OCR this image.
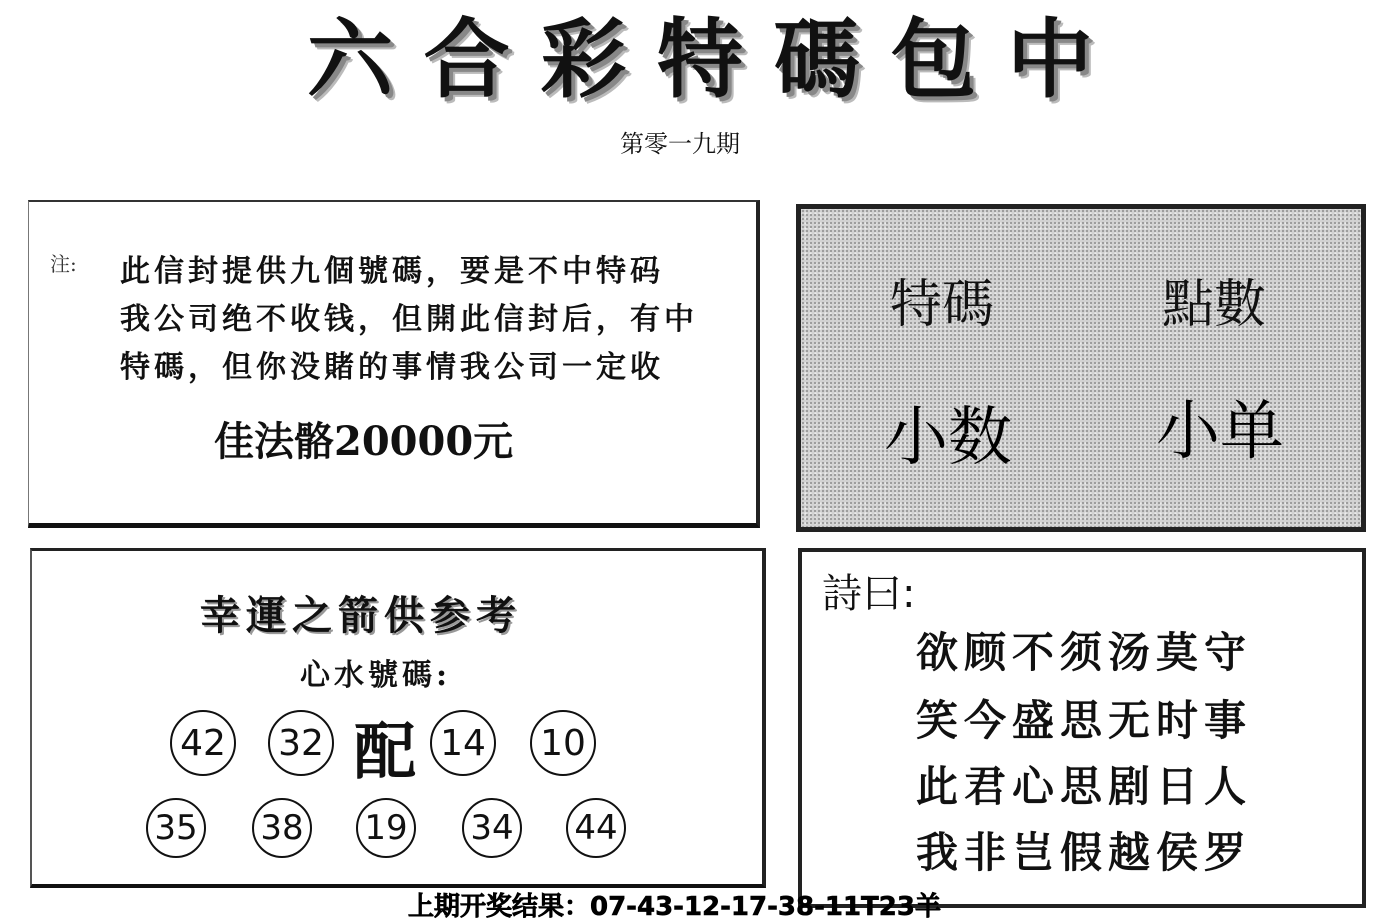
六 合 彩 特 碼 包 中
第零一九期
注: 此信封提供九個號碼，要是不中特码
我公司绝不收钱，但開此信封后，有中
特碼，但你没賭的事情我公司一定收
佳法骼20000元
特碼	點數
小数 小单
幸運之箭供参考
心水號碼:
42 32 配 14 10
35 38 19 34 44
詩曰:
欲顾不须汤莫守
笑今盛思无时事
此君心思剧日人
我非岂假越侯罗
上期开奖结果：07-43-12-17-38-11T23羊
